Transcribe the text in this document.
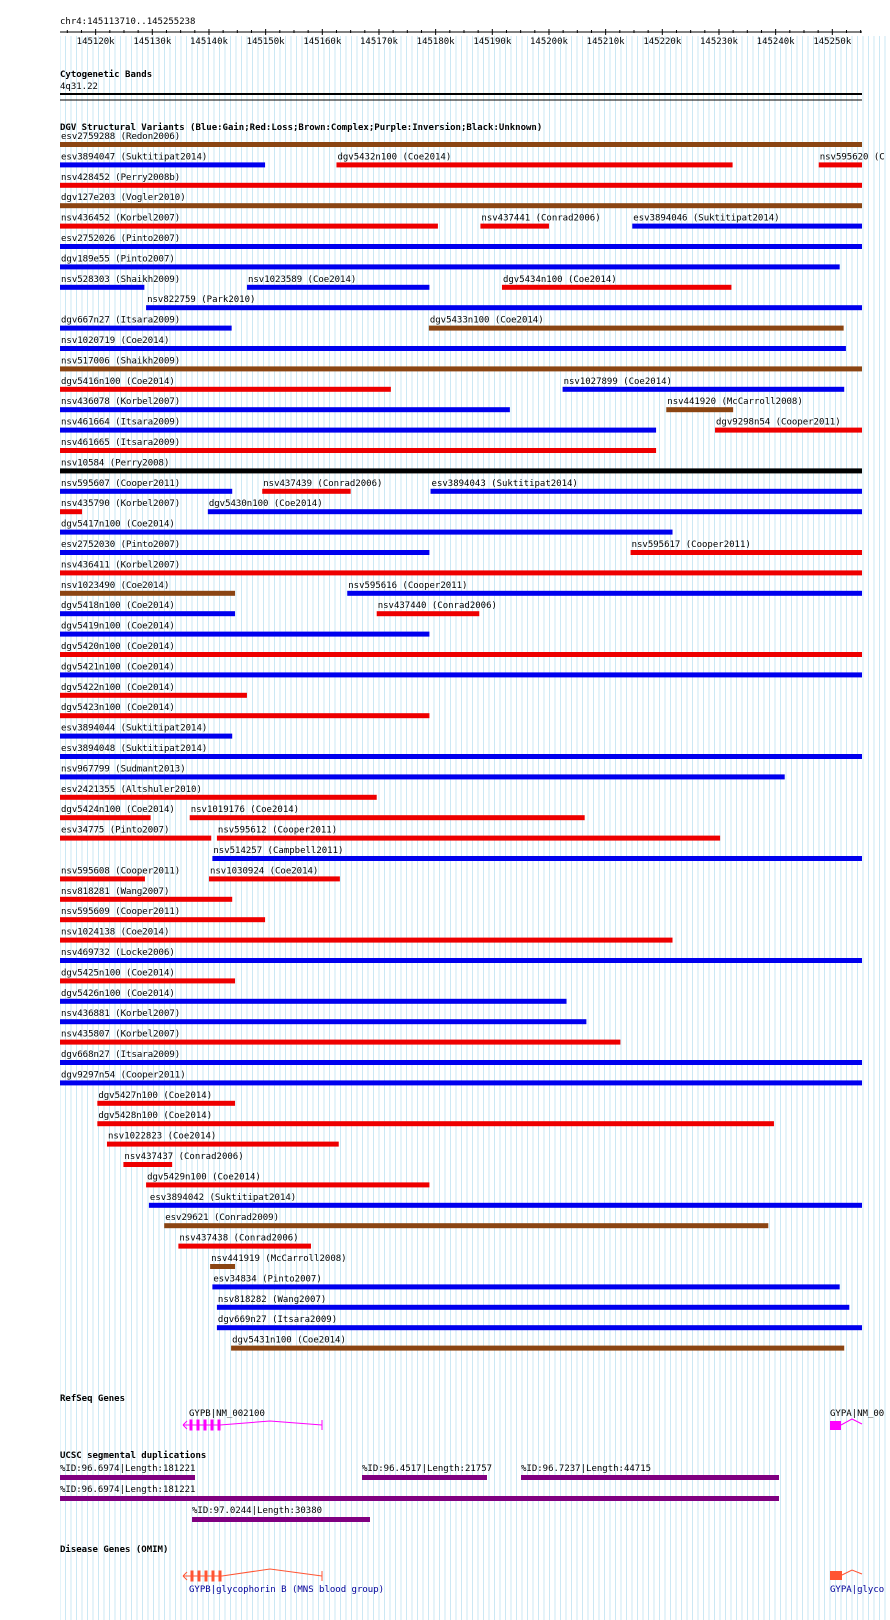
chr4:145113710..145255238
145120k 145130k 145140k 145150k 145160k 145170k 145180k 145190k 145200k 145210k 145220k 145230k 145240k 145250k
Cytogenetic Bands
4q31.22
DGV Structural Variants (Blue:Gain;Red:Loss;Brown:Complex;Purple:Inversion;Black:Unknown)
esv2759288 (Redon2006)
esv3894047 (Suktitipat2014)	dgv5432n100 (Coe2014)	nsv595620 (C
nsv428452 (Perry2008b)
dgv127e203 (Vogler2010)
nsv436452 (Korbel2007)	nsv437441 (Conrad2006)	esv3894046 (Suktitipat2014)
esv2752026 (Pinto2007)
dgv189e55 (Pinto2007)
nsv528303 (Shaikh2009)
nsv822759 (Park2010)
dgv667n27 (Itsara2009)
nsv1023589 (Coe2014)	dgv5434n100 (Coe2014)
nsv1020719 (Coe2014)
nsv517006 (Shaikh2009)
dgv5416n100 (Coe2014)
dgv5433n100 (Coe2014)
nsv436078 (Korbel2007)
nsv1027899 (Coe2014)
nsv461664 (Itsara2009)
nsv441920 (McCarroll2008)
nsv461665 (Itsara2009)
dgv9298n54 (Cooper2011)
nsv10584 (Perry2008)
nsv595607 (Cooper2011)	nsv437439 (Conrad2006)	esv3894043 (Suktitipat2014)
nsv435790 (Korbel2007)	dgv5430n100 (Coe2014)
dgv5417n100 (Coe2014)
esv2752030 (Pinto2007)	nsv595617 (Cooper2011)
nsv436411 (Korbel2007)
nsv1023490 (Coe2014)	nsv595616 (Cooper2011)
dgv5418n100 (Coe2014)	nsv437440 (Conrad2006)
dgv5419n100 (Coe2014)
dgv5420n100 (Coe2014)
dgv5421n100 (Coe2014)
dgv5422n100 (Coe2014)
dgv5423n100 (Coe2014)
esv3894044 (Suktitipat2014)
esv3894048 (Suktitipat2014)
nsv967799 (Sudmant2013)
esv2421355 (Altshuler2010)
dgv5424n100 (Coe2014) nsv1019176 (Coe2014)
esv34775 (Pinto2007)
nsv514257 (Campbell2011)
nsv595608 (Cooper2011)	nsv1030924 (Coe2014)
nsv818281 (Wang2007)
nsv595609 (Cooper2011)
nsv1024138 (Coe2014)
nsv469732 (Locke2006)
dgv5425n100 (Coe2014)
dgv5426n100 (Coe2014)
nsv436881 (Korbel2007)
nsv435807 (Korbel2007)
dgv668n27 (Itsara2009)
dgv9297n54 (Cooper2011)
dgv5427n100 (Coe2014)
dgv5428n100 (Coe2014)
nsv1022823 (Coe2014)
nsv437437 (Conrad2006)
dgv5429n100 (Coe2014)
esv3894042 (Suktitipat2014)
esv29621 (Conrad2009)
nsv437438 (Conrad2006)
nsv441919 (McCarroll2008)
esv34834 (Pinto2007)
nsv595612 (Cooper2011)
nsv818282 (Wang2007)
dgv669n27 (Itsara2009)
dgv5431n100 (Coe2014)
RefSeq Genes
GYPB|NM_002100	GYPA|NM_00
UCSC segmental duplications
%ID:96.6974|Length:181221	%ID:96.4517|Length:21757	%ID:96.7237|Length:44715
%ID:96.6974|Length:181221
%ID:97.0244|Length:30380
Disease Genes (OMIM)
GYPB|glycophorin B (MNS blood group)	GYPA|glyco
